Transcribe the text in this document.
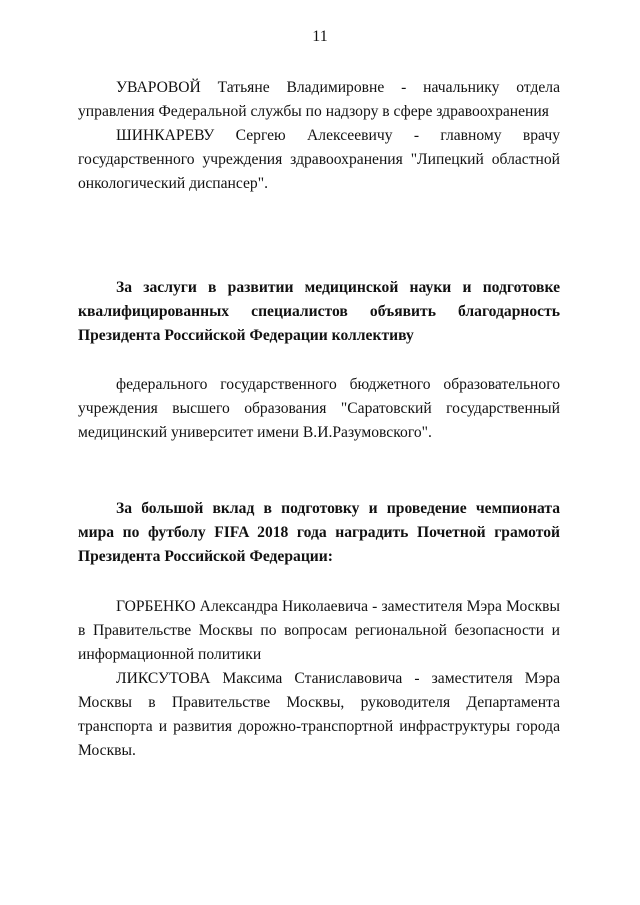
11

УВАРОВОЙ Татьяне Владимировне - начальнику отдела управления Федеральной службы по надзору в сфере здравоохранения

ШИНКАРЕВУ Сергею Алексеевичу - главному врачу государственного учреждения здравоохранения "Липецкий областной онкологический диспансер".

За заслуги в развитии медицинской науки и подготовке квалифицированных специалистов объявить благодарность Президента Российской Федерации коллективу
федерального государственного бюджетного образовательного учреждения высшего образования "Саратовский государственный медицинский университет имени В.И.Разумовского".
За большой вклад в подготовку и проведение чемпионата мира по футболу FIFA 2018 года наградить Почетной грамотой Президента Российской Федерации:

ГОРБЕНКО Александра Николаевича - заместителя Мэра Москвы в Правительстве Москвы по вопросам региональной безопасности и информационной политики

ЛИКСУТОВА Максима Станиславовича - заместителя Мэра Москвы в Правительстве Москвы, руководителя Департамента транспорта и развития дорожно-транспортной инфраструктуры города Москвы.
